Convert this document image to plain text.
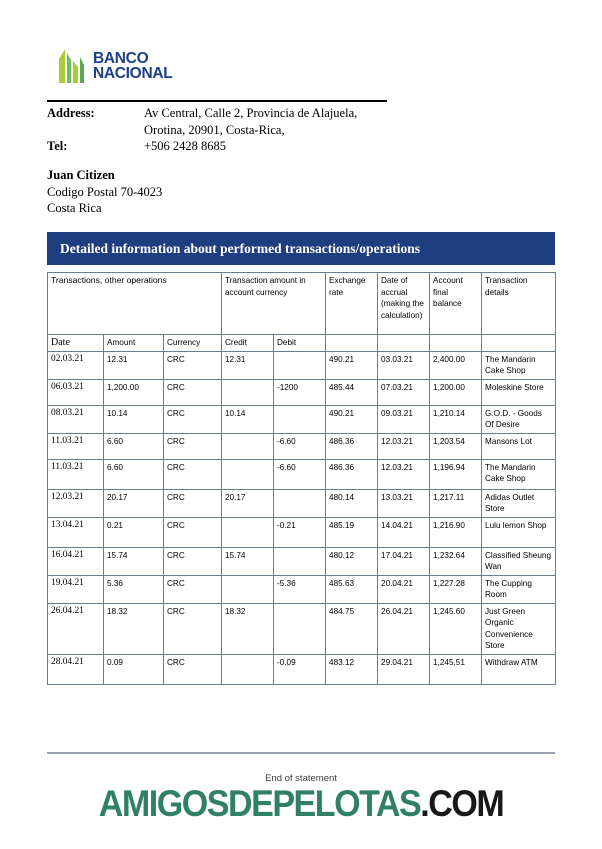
BANCO
NACIONAL
Address:	Av Central, Calle 2, Provincia de Alajuela,
Orotina, 20901, Costa-Rica,
Tel:	+506 2428 8685
Juan Citizen
Codigo Postal 70-4023
Costa Rica
Detailed information about performed transactions/operations
Transactions, other operations			Transaction amount in account currency		Exchange rate	Date of accrual (making the calculation)	Account final balance	Transaction details
Date	Amount	Currency	Credit	Debit				
02.03.21	12.31	CRC	12.31		490.21	03.03.21	2,400.00	The Mandarin Cake Shop
06.03.21	1,200.00	CRC		-1200	485.44	07.03.21	1,200.00	Moleskine Store
08.03.21	10.14	CRC	10.14		490.21	09.03.21	1,210.14	G.O.D. - Goods Of Desire
11.03.21	6.60	CRC		-6.60	486.36	12.03.21	1,203.54	Mansons Lot
11.03.21	6.60	CRC		-6.60	486.36	12.03.21	1,196.94	The Mandarin Cake Shop
12.03.21	20.17	CRC	20.17		480.14	13.03.21	1,217.11	Adidas Outlet Store
13.04.21	0.21	CRC		-0.21	485.19	14.04.21	1,216.90	Lulu lemon Shop
16.04.21	15.74	CRC	15.74		480.12	17.04.21	1,232.64	Classified Sheung Wan
19.04.21	5.36	CRC		-5.36	485.63	20.04.21	1,227.28	The Cupping Room
26.04.21	18.32	CRC	18.32		484.75	26.04.21	1,245.60	Just Green Organic Convenience Store
28.04.21	0.09	CRC		-0.09	483.12	29.04.21	1,245.51	Withdraw ATM
End of statement
AMIGOSDEPELOTAS.COM
